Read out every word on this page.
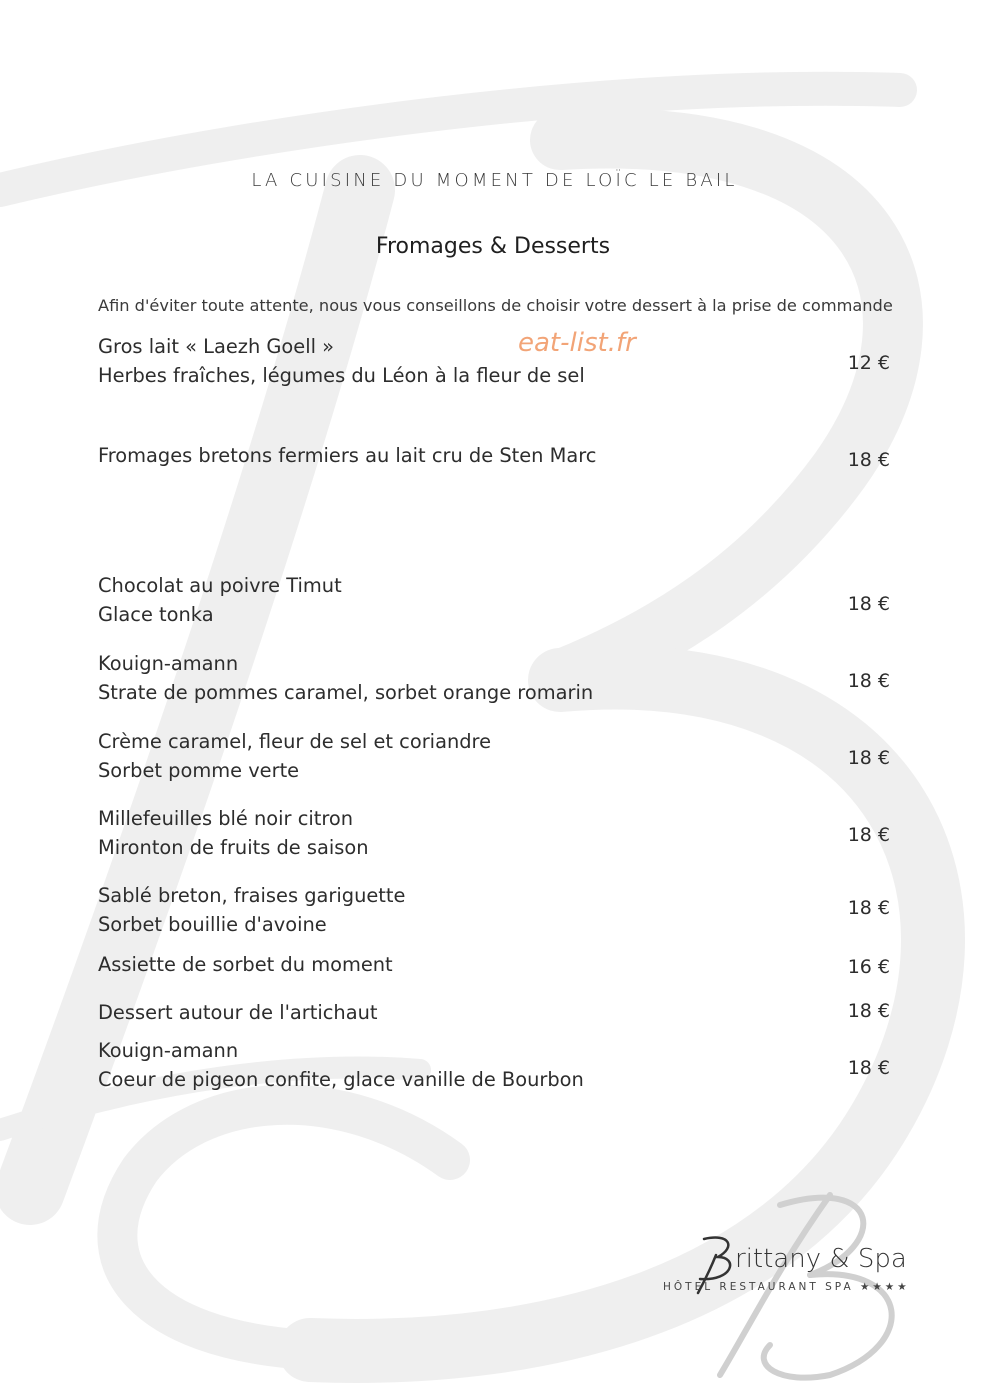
LA CUISINE DU MOMENT DE LOÏC LE BAIL
Fromages & Desserts
Afin d'éviter toute attente, nous vous conseillons de choisir votre dessert à la prise de commande
eat-list.fr
Gros lait « Laezh Goell »
Herbes fraîches, légumes du Léon à la fleur de sel
12 €
Fromages bretons fermiers au lait cru de Sten Marc	18 €
Chocolat au poivre Timut
Glace tonka	18 €
Kouign-amann
Strate de pommes caramel, sorbet orange romarin	18 €
Crème caramel, fleur de sel et coriandre
Sorbet pomme verte
18 €
Millefeuilles blé noir citron
Mironton de fruits de saison
18 €
Sablé breton, fraises gariguette
Sorbet bouillie d'avoine
18 €
Assiette de sorbet du moment	16 €
Dessert autour de l'artichaut	18 €
Kouign-amann
Coeur de pigeon confite, glace vanille de Bourbon	18 €
rittany & Spa
HÔTEL RESTAURANT SPA ★★★★
